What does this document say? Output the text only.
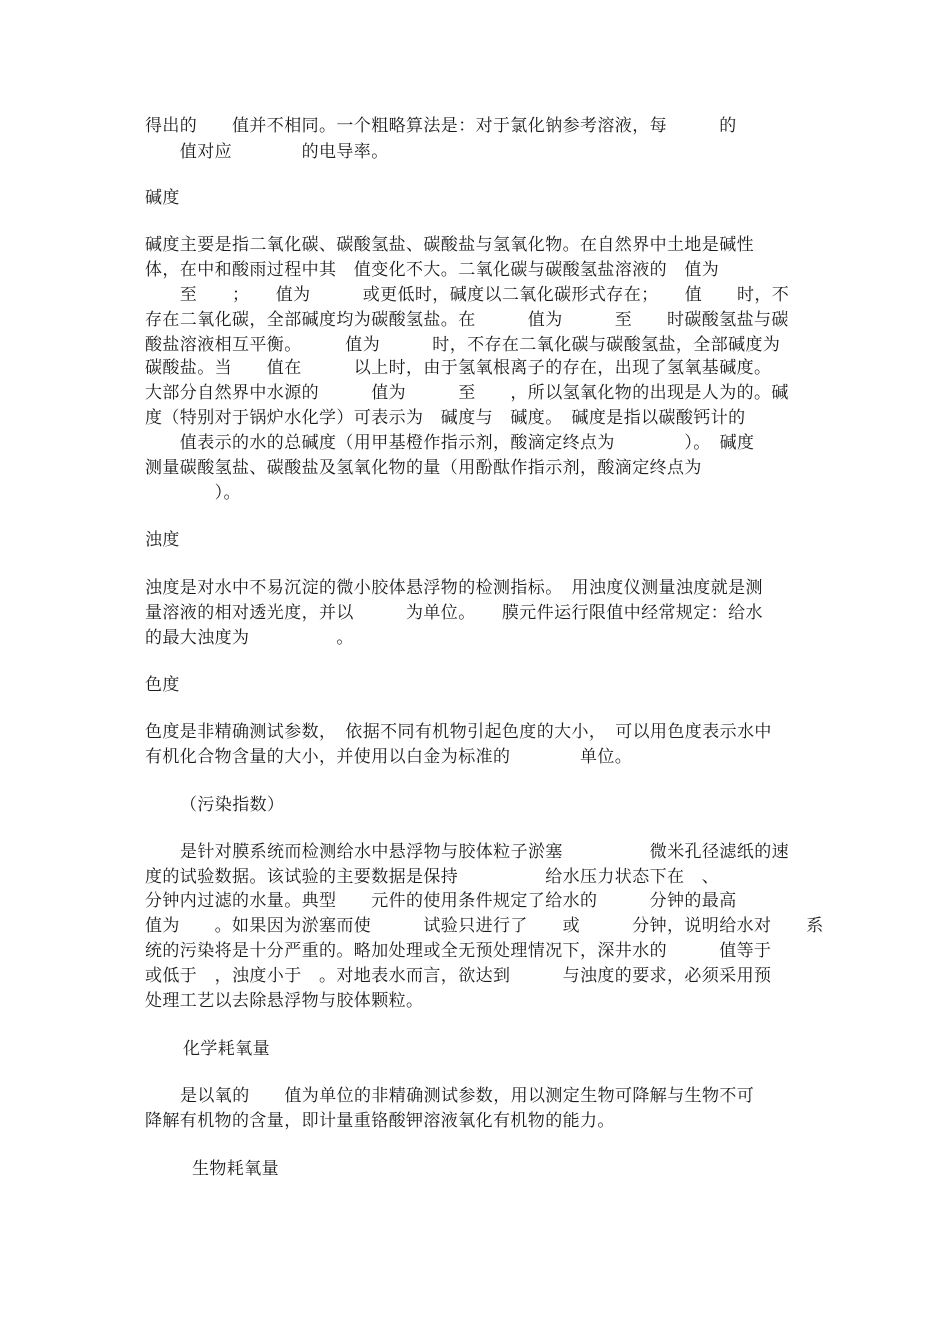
得出的　　值并不相同。一个粗略算法是：对于氯化钠参考溶液，每　　　的
　　值对应　　　　的电导率。
碱度
碱度主要是指二氧化碳、碳酸氢盐、碳酸盐与氢氧化物。在自然界中土地是碱性
体，在中和酸雨过程中其　值变化不大。二氧化碳与碳酸氢盐溶液的　值为
　　至　　；　　值为　　　或更低时，碱度以二氧化碳形式存在；　　值　　时，不
存在二氧化碳，全部碱度均为碳酸氢盐。在　　　值为　　　至　　时碳酸氢盐与碳
酸盐溶液相互平衡。　　　值为　　　时，不存在二氧化碳与碳酸氢盐，全部碱度为
碳酸盐。当　　值在　　　以上时，由于氢氧根离子的存在，出现了氢氧基碱度。
大部分自然界中水源的　　　值为　　　至　　，所以氢氧化物的出现是人为的。碱
度（特别对于锅炉水化学）可表示为　碱度与　碱度。　碱度是指以碳酸钙计的
　　值表示的水的总碱度（用甲基橙作指示剂，酸滴定终点为　　　　）。　碱度
测量碳酸氢盐、碳酸盐及氢氧化物的量（用酚酞作指示剂，酸滴定终点为
　　　　）。
浊度
浊度是对水中不易沉淀的微小胶体悬浮物的检测指标。　用浊度仪测量浊度就是测
量溶液的相对透光度，并以　　　为单位。　　膜元件运行限值中经常规定：给水
的最大浊度为　　　　　。
色度
色度是非精确测试参数，　依据不同有机物引起色度的大小，　可以用色度表示水中
有机化合物含量的大小，并使用以白金为标准的　　　　单位。
（污染指数）
是针对膜系统而检测给水中悬浮物与胶体粒子淤塞　　　　　微米孔径滤纸的速
度的试验数据。该试验的主要数据是保持　　　　　给水压力状态下在　、　
分钟内过滤的水量。典型　　元件的使用条件规定了给水的　　　分钟的最高
值为　　。如果因为淤塞而使　　　试验只进行了　　或　　　分钟，说明给水对　　系
统的污染将是十分严重的。略加处理或全无预处理情况下，深井水的　　　值等于
或低于　，浊度小于　。对地表水而言，欲达到　　　与浊度的要求，必须采用预
处理工艺以去除悬浮物与胶体颗粒。
化学耗氧量
是以氧的　　值为单位的非精确测试参数，用以测定生物可降解与生物不可
降解有机物的含量，即计量重铬酸钾溶液氧化有机物的能力。
生物耗氧量
